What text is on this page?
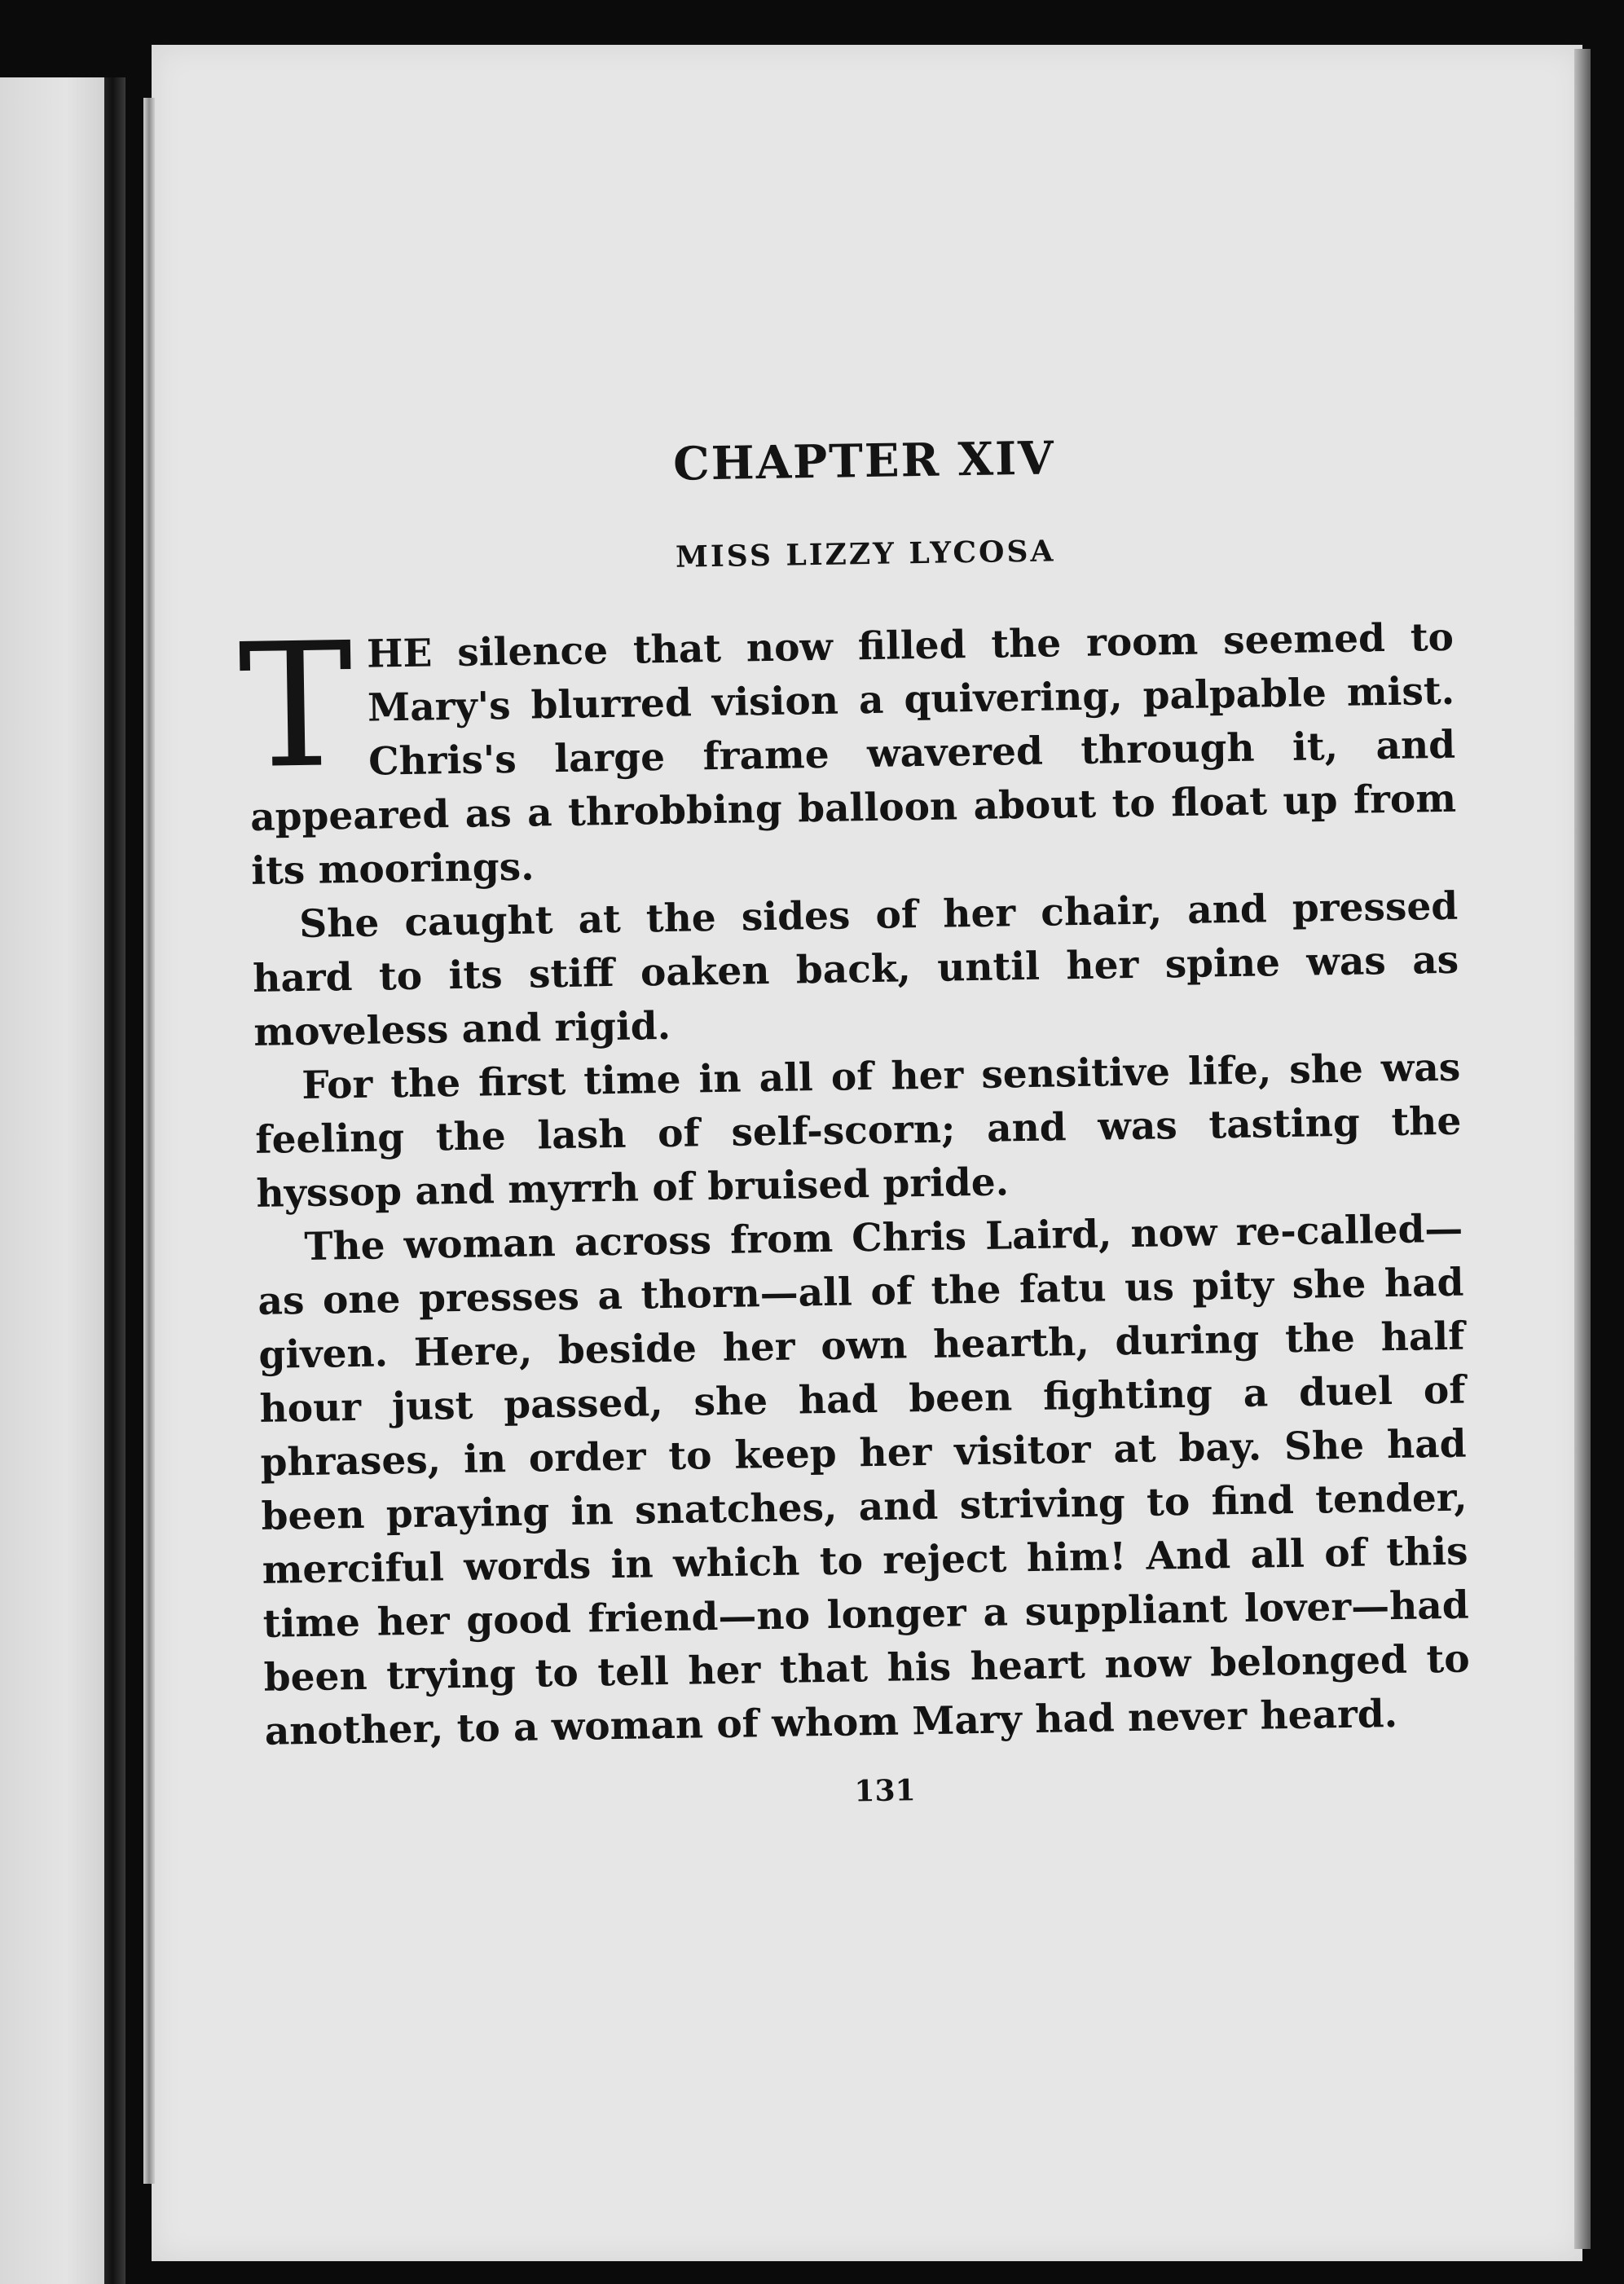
CHAPTER XIV
MISS LIZZY LYCOSA

T HE silence that now filled the room seemed to Mary's blurred vision a quivering, palpable mist. Chris's large frame wavered through it, and appeared as a throbbing balloon about to float up from its moorings.

She caught at the sides of her chair, and pressed hard to its stiff oaken back, until her spine was as moveless and rigid.

For the first time in all of her sensitive life, she was feeling the lash of self-scorn; and was tasting the hyssop and myrrh of bruised pride.

The woman across from Chris Laird, now re-called—as one presses a thorn—all of the fatu us pity she had given. Here, beside her own hearth, during the half hour just passed, she had been fighting a duel of phrases, in order to keep her visitor at bay. She had been praying in snatches, and striving to find tender, merciful words in which to reject him! And all of this time her good friend—no longer a suppliant lover—had been trying to tell her that his heart now belonged to another, to a woman of whom Mary had never heard.

131
